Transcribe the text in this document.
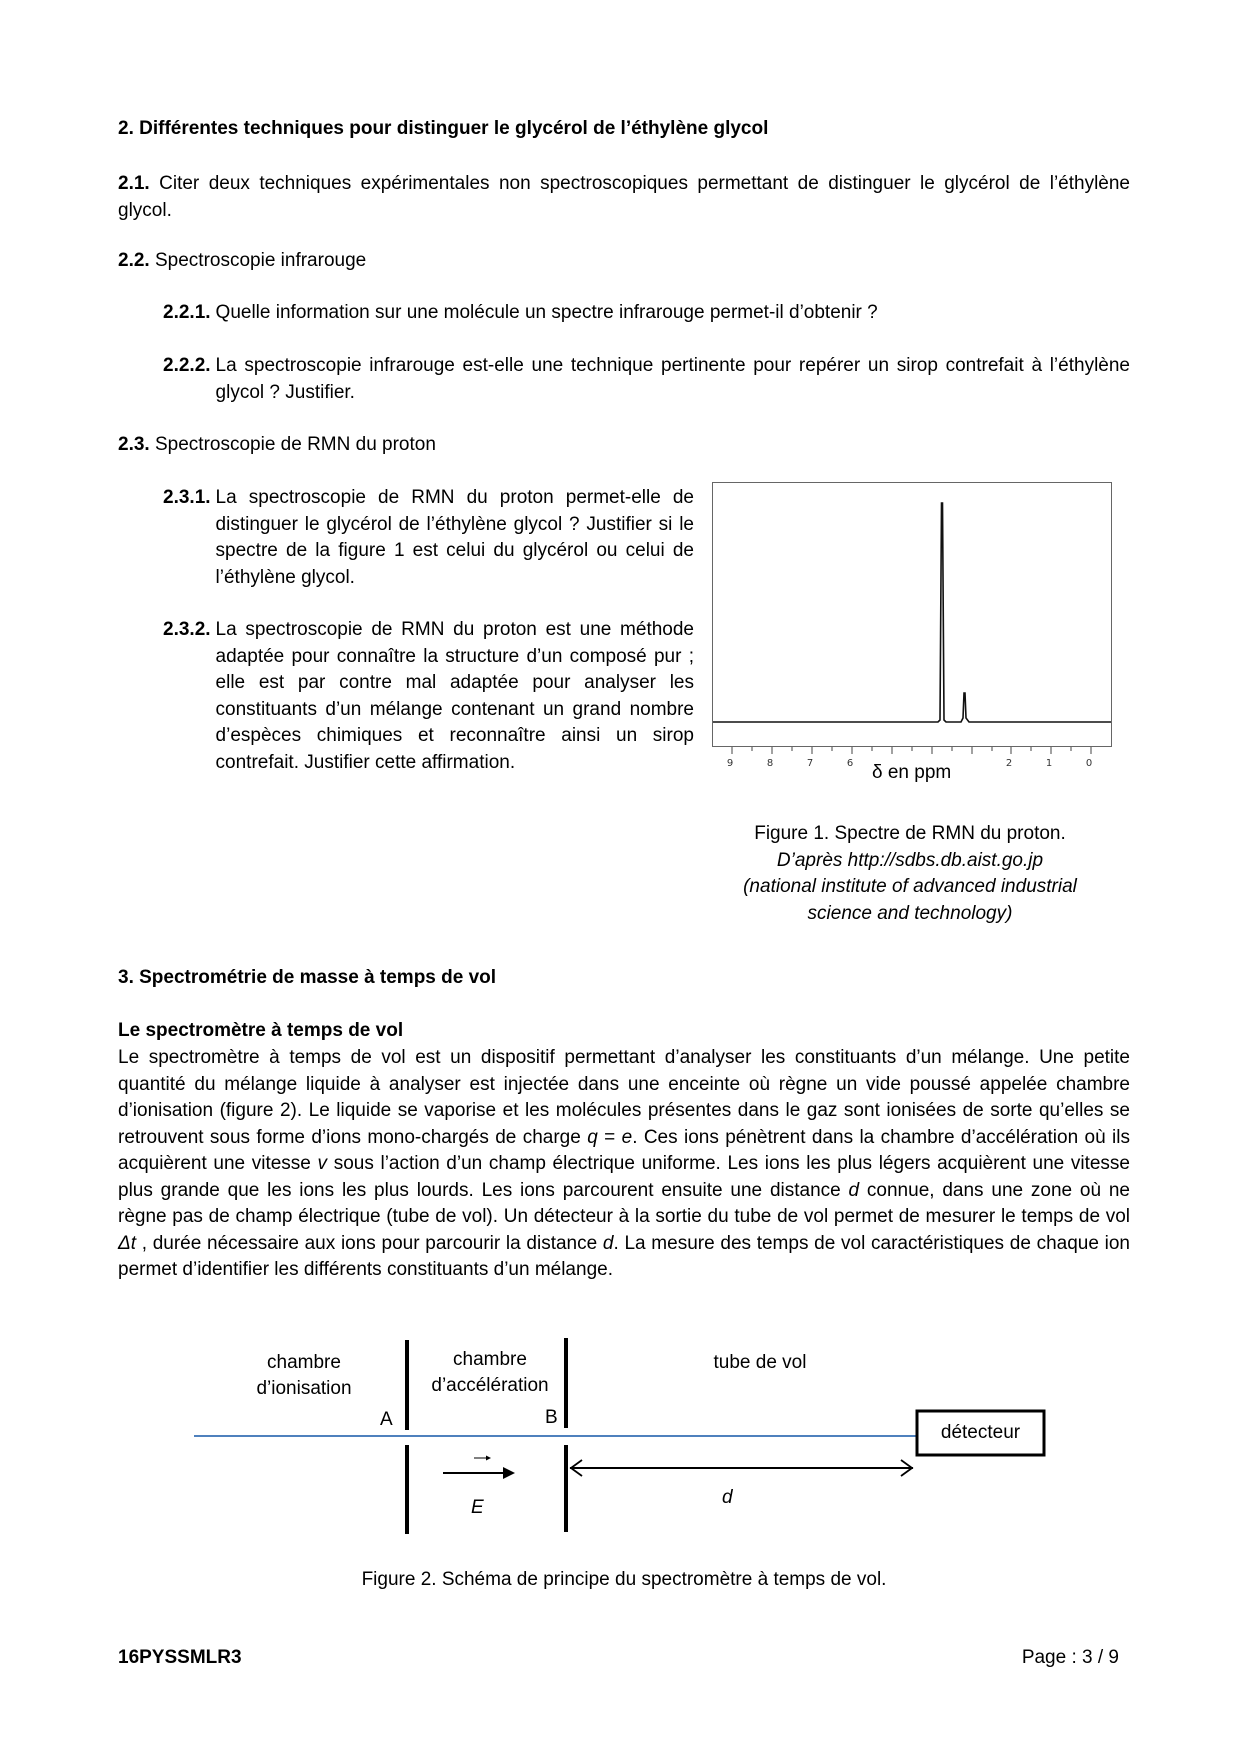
2. Différentes techniques pour distinguer le glycérol de l’éthylène glycol
2.1. Citer deux techniques expérimentales non spectroscopiques permettant de distinguer le glycérol de l’éthylène glycol.
2.2. Spectroscopie infrarouge
2.2.1. Quelle information sur une molécule un spectre infrarouge permet-il d’obtenir ?
2.2.2. La spectroscopie infrarouge est-elle une technique pertinente pour repérer un sirop contrefait à l’éthylène glycol ? Justifier.
2.3. Spectroscopie de RMN du proton
2.3.1. La spectroscopie de RMN du proton permet-elle de distinguer le glycérol de l’éthylène glycol ? Justifier si le spectre de la figure 1 est celui du glycérol ou celui de l’éthylène glycol.
2.3.2. La spectroscopie de RMN du proton est une méthode adaptée pour connaître la structure d’un composé pur ; elle est par contre mal adaptée pour analyser les constituants d’un mélange contenant un grand nombre d’espèces chimiques et reconnaître ainsi un sirop contrefait. Justifier cette affirmation.	9	8	7	6	2	1	0
δ en ppm
Figure 1. Spectre de RMN du proton.
D’après http://sdbs.db.aist.go.jp
(national institute of advanced industrial
science and technology)
3. Spectrométrie de masse à temps de vol
Le spectromètre à temps de vol
Le spectromètre à temps de vol est un dispositif permettant d’analyser les constituants d’un mélange. Une petite quantité du mélange liquide à analyser est injectée dans une enceinte où règne un vide poussé appelée chambre d’ionisation (figure 2). Le liquide se vaporise et les molécules présentes dans le gaz sont ionisées de sorte qu’elles se retrouvent sous forme d’ions mono-chargés de charge q = e. Ces ions pénètrent dans la chambre d’accélération où ils acquièrent une vitesse v sous l’action d’un champ électrique uniforme. Les ions les plus légers acquièrent une vitesse plus grande que les ions les plus lourds. Les ions parcourent ensuite une distance d connue, dans une zone où ne règne pas de champ électrique (tube de vol). Un détecteur à la sortie du tube de vol permet de mesurer le temps de vol Δt , durée nécessaire aux ions pour parcourir la distance d. La mesure des temps de vol caractéristiques de chaque ion permet d’identifier les différents constituants d’un mélange.
chambre
d’ionisation
chambre
d’accélération
tube de vol
A	B
détecteur
E	d
Figure 2. Schéma de principe du spectromètre à temps de vol.
16PYSSMLR3	Page : 3 / 9
